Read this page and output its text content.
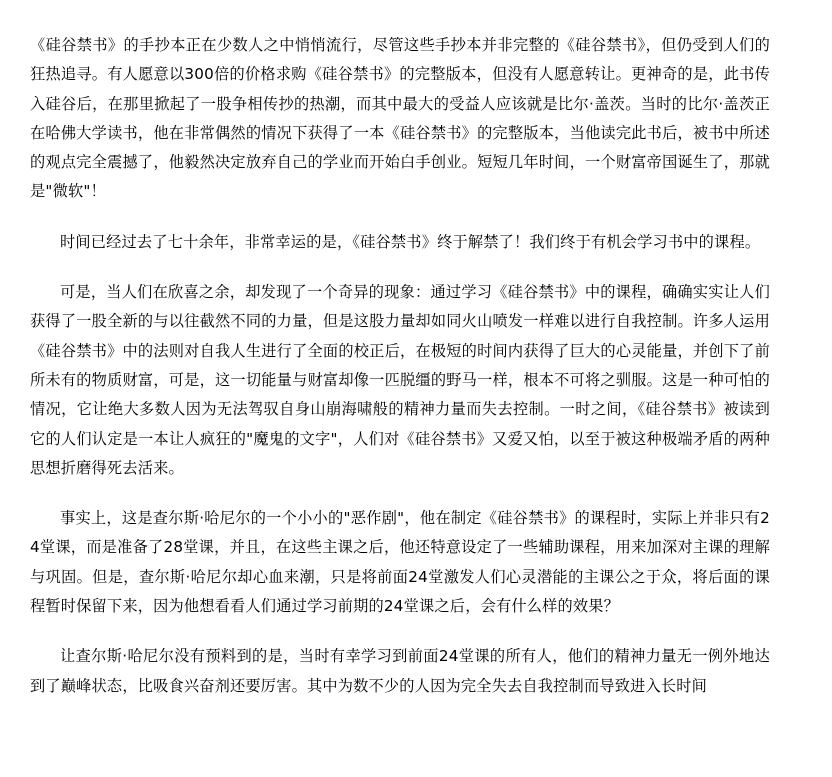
《硅谷禁书》的手抄本正在少数人之中悄悄流行，尽管这些手抄本并非完整的《硅谷禁书》，但仍受到人们的狂热追寻。有人愿意以300倍的价格求购《硅谷禁书》的完整版本，但没有人愿意转让。更神奇的是，此书传入硅谷后，在那里掀起了一股争相传抄的热潮，而其中最大的受益人应该就是比尔·盖茨。当时的比尔·盖茨正在哈佛大学读书，他在非常偶然的情况下获得了一本《硅谷禁书》的完整版本，当他读完此书后，被书中所述的观点完全震撼了，他毅然决定放弃自己的学业而开始白手创业。短短几年时间，一个财富帝国诞生了，那就是"微软"！

时间已经过去了七十余年，非常幸运的是，《硅谷禁书》终于解禁了！我们终于有机会学习书中的课程。

可是，当人们在欣喜之余，却发现了一个奇异的现象：通过学习《硅谷禁书》中的课程，确确实实让人们获得了一股全新的与以往截然不同的力量，但是这股力量却如同火山喷发一样难以进行自我控制。许多人运用《硅谷禁书》中的法则对自我人生进行了全面的校正后，在极短的时间内获得了巨大的心灵能量，并创下了前所未有的物质财富，可是，这一切能量与财富却像一匹脱缰的野马一样，根本不可将之驯服。这是一种可怕的情况，它让绝大多数人因为无法驾驭自身山崩海啸般的精神力量而失去控制。一时之间，《硅谷禁书》被读到它的人们认定是一本让人疯狂的"魔鬼的文字"，人们对《硅谷禁书》又爱又怕，以至于被这种极端矛盾的两种思想折磨得死去活来。

事实上，这是查尔斯·哈尼尔的一个小小的"恶作剧"，他在制定《硅谷禁书》的课程时，实际上并非只有24堂课，而是准备了28堂课，并且，在这些主课之后，他还特意设定了一些辅助课程，用来加深对主课的理解与巩固。但是，查尔斯·哈尼尔却心血来潮，只是将前面24堂激发人们心灵潜能的主课公之于众，将后面的课程暂时保留下来，因为他想看看人们通过学习前期的24堂课之后，会有什么样的效果？

让查尔斯·哈尼尔没有预料到的是，当时有幸学习到前面24堂课的所有人，他们的精神力量无一例外地达到了巅峰状态，比吸食兴奋剂还要厉害。其中为数不少的人因为完全失去自我控制而导致进入长时间
